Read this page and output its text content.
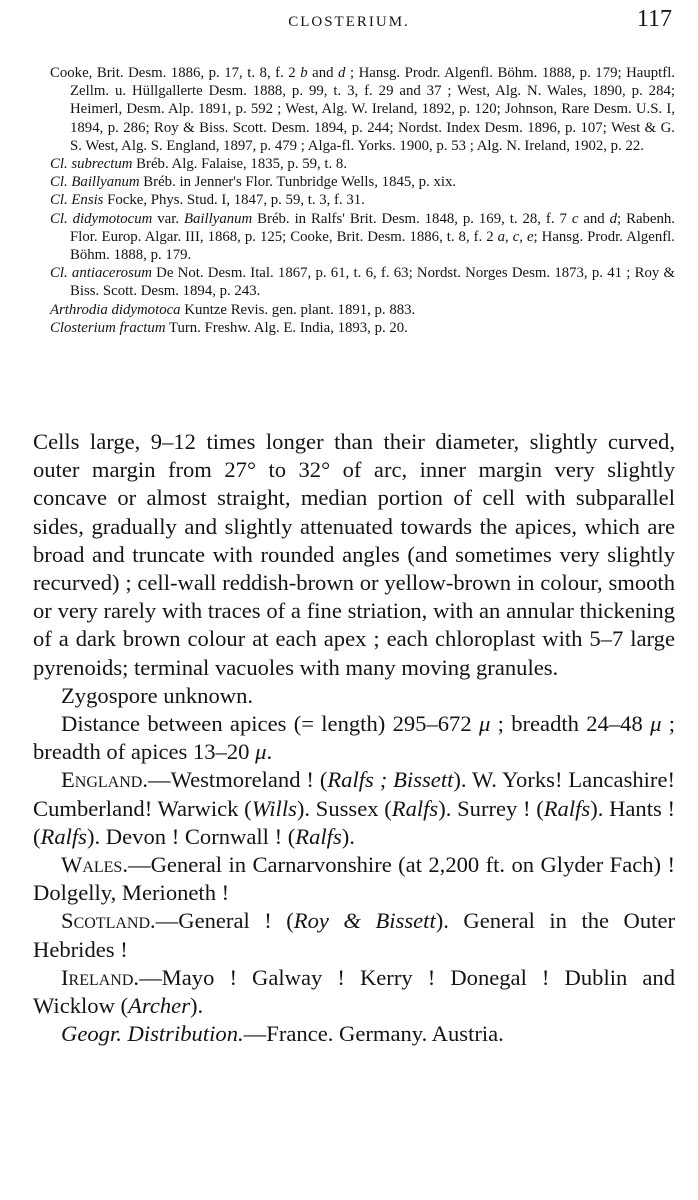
CLOSTERIUM.	117

Cooke, Brit. Desm. 1886, p. 17, t. 8, f. 2 b and d ; Hansg. Prodr. Algenfl. Böhm. 1888, p. 179; Hauptfl. Zellm. u. Hüllgallerte Desm. 1888, p. 99, t. 3, f. 29 and 37 ; West, Alg. N. Wales, 1890, p. 284; Heimerl, Desm. Alp. 1891, p. 592 ; West, Alg. W. Ireland, 1892, p. 120; Johnson, Rare Desm. U.S. I, 1894, p. 286; Roy & Biss. Scott. Desm. 1894, p. 244; Nordst. Index Desm. 1896, p. 107; West & G. S. West, Alg. S. England, 1897, p. 479 ; Alga-fl. Yorks. 1900, p. 53 ; Alg. N. Ireland, 1902, p. 22.

Cl. subrectum Bréb. Alg. Falaise, 1835, p. 59, t. 8.

Cl. Baillyanum Bréb. in Jenner's Flor. Tunbridge Wells, 1845, p. xix.

Cl. Ensis Focke, Phys. Stud. I, 1847, p. 59, t. 3, f. 31.

Cl. didymotocum var. Baillyanum Bréb. in Ralfs' Brit. Desm. 1848, p. 169, t. 28, f. 7 c and d; Rabenh. Flor. Europ. Algar. III, 1868, p. 125; Cooke, Brit. Desm. 1886, t. 8, f. 2 a, c, e; Hansg. Prodr. Algenfl. Böhm. 1888, p. 179.

Cl. antiacerosum De Not. Desm. Ital. 1867, p. 61, t. 6, f. 63; Nordst. Norges Desm. 1873, p. 41 ; Roy & Biss. Scott. Desm. 1894, p. 243.

Arthrodia didymotoca Kuntze Revis. gen. plant. 1891, p. 883.

Closterium fractum Turn. Freshw. Alg. E. India, 1893, p. 20.

Cells large, 9–12 times longer than their diameter, slightly curved, outer margin from 27° to 32° of arc, inner margin very slightly concave or almost straight, median portion of cell with subparallel sides, gradually and slightly attenuated towards the apices, which are broad and truncate with rounded angles (and sometimes very slightly recurved) ; cell-wall reddish-brown or yellow-brown in colour, smooth or very rarely with traces of a fine striation, with an annular thickening of a dark brown colour at each apex ; each chloroplast with 5–7 large pyrenoids; terminal vacuoles with many moving granules.

Zygospore unknown.

Distance between apices (= length) 295–672 μ ; breadth 24–48 μ ; breadth of apices 13–20 μ.

England.—Westmoreland ! (Ralfs ; Bissett). W. Yorks! Lancashire! Cumberland! Warwick (Wills). Sussex (Ralfs). Surrey ! (Ralfs). Hants ! (Ralfs). Devon ! Cornwall ! (Ralfs).

Wales.—General in Carnarvonshire (at 2,200 ft. on Glyder Fach) ! Dolgelly, Merioneth !

Scotland.—General ! (Roy & Bissett). General in the Outer Hebrides !

Ireland.—Mayo ! Galway ! Kerry ! Donegal ! Dublin and Wicklow (Archer).

Geogr. Distribution.—France. Germany. Austria.
